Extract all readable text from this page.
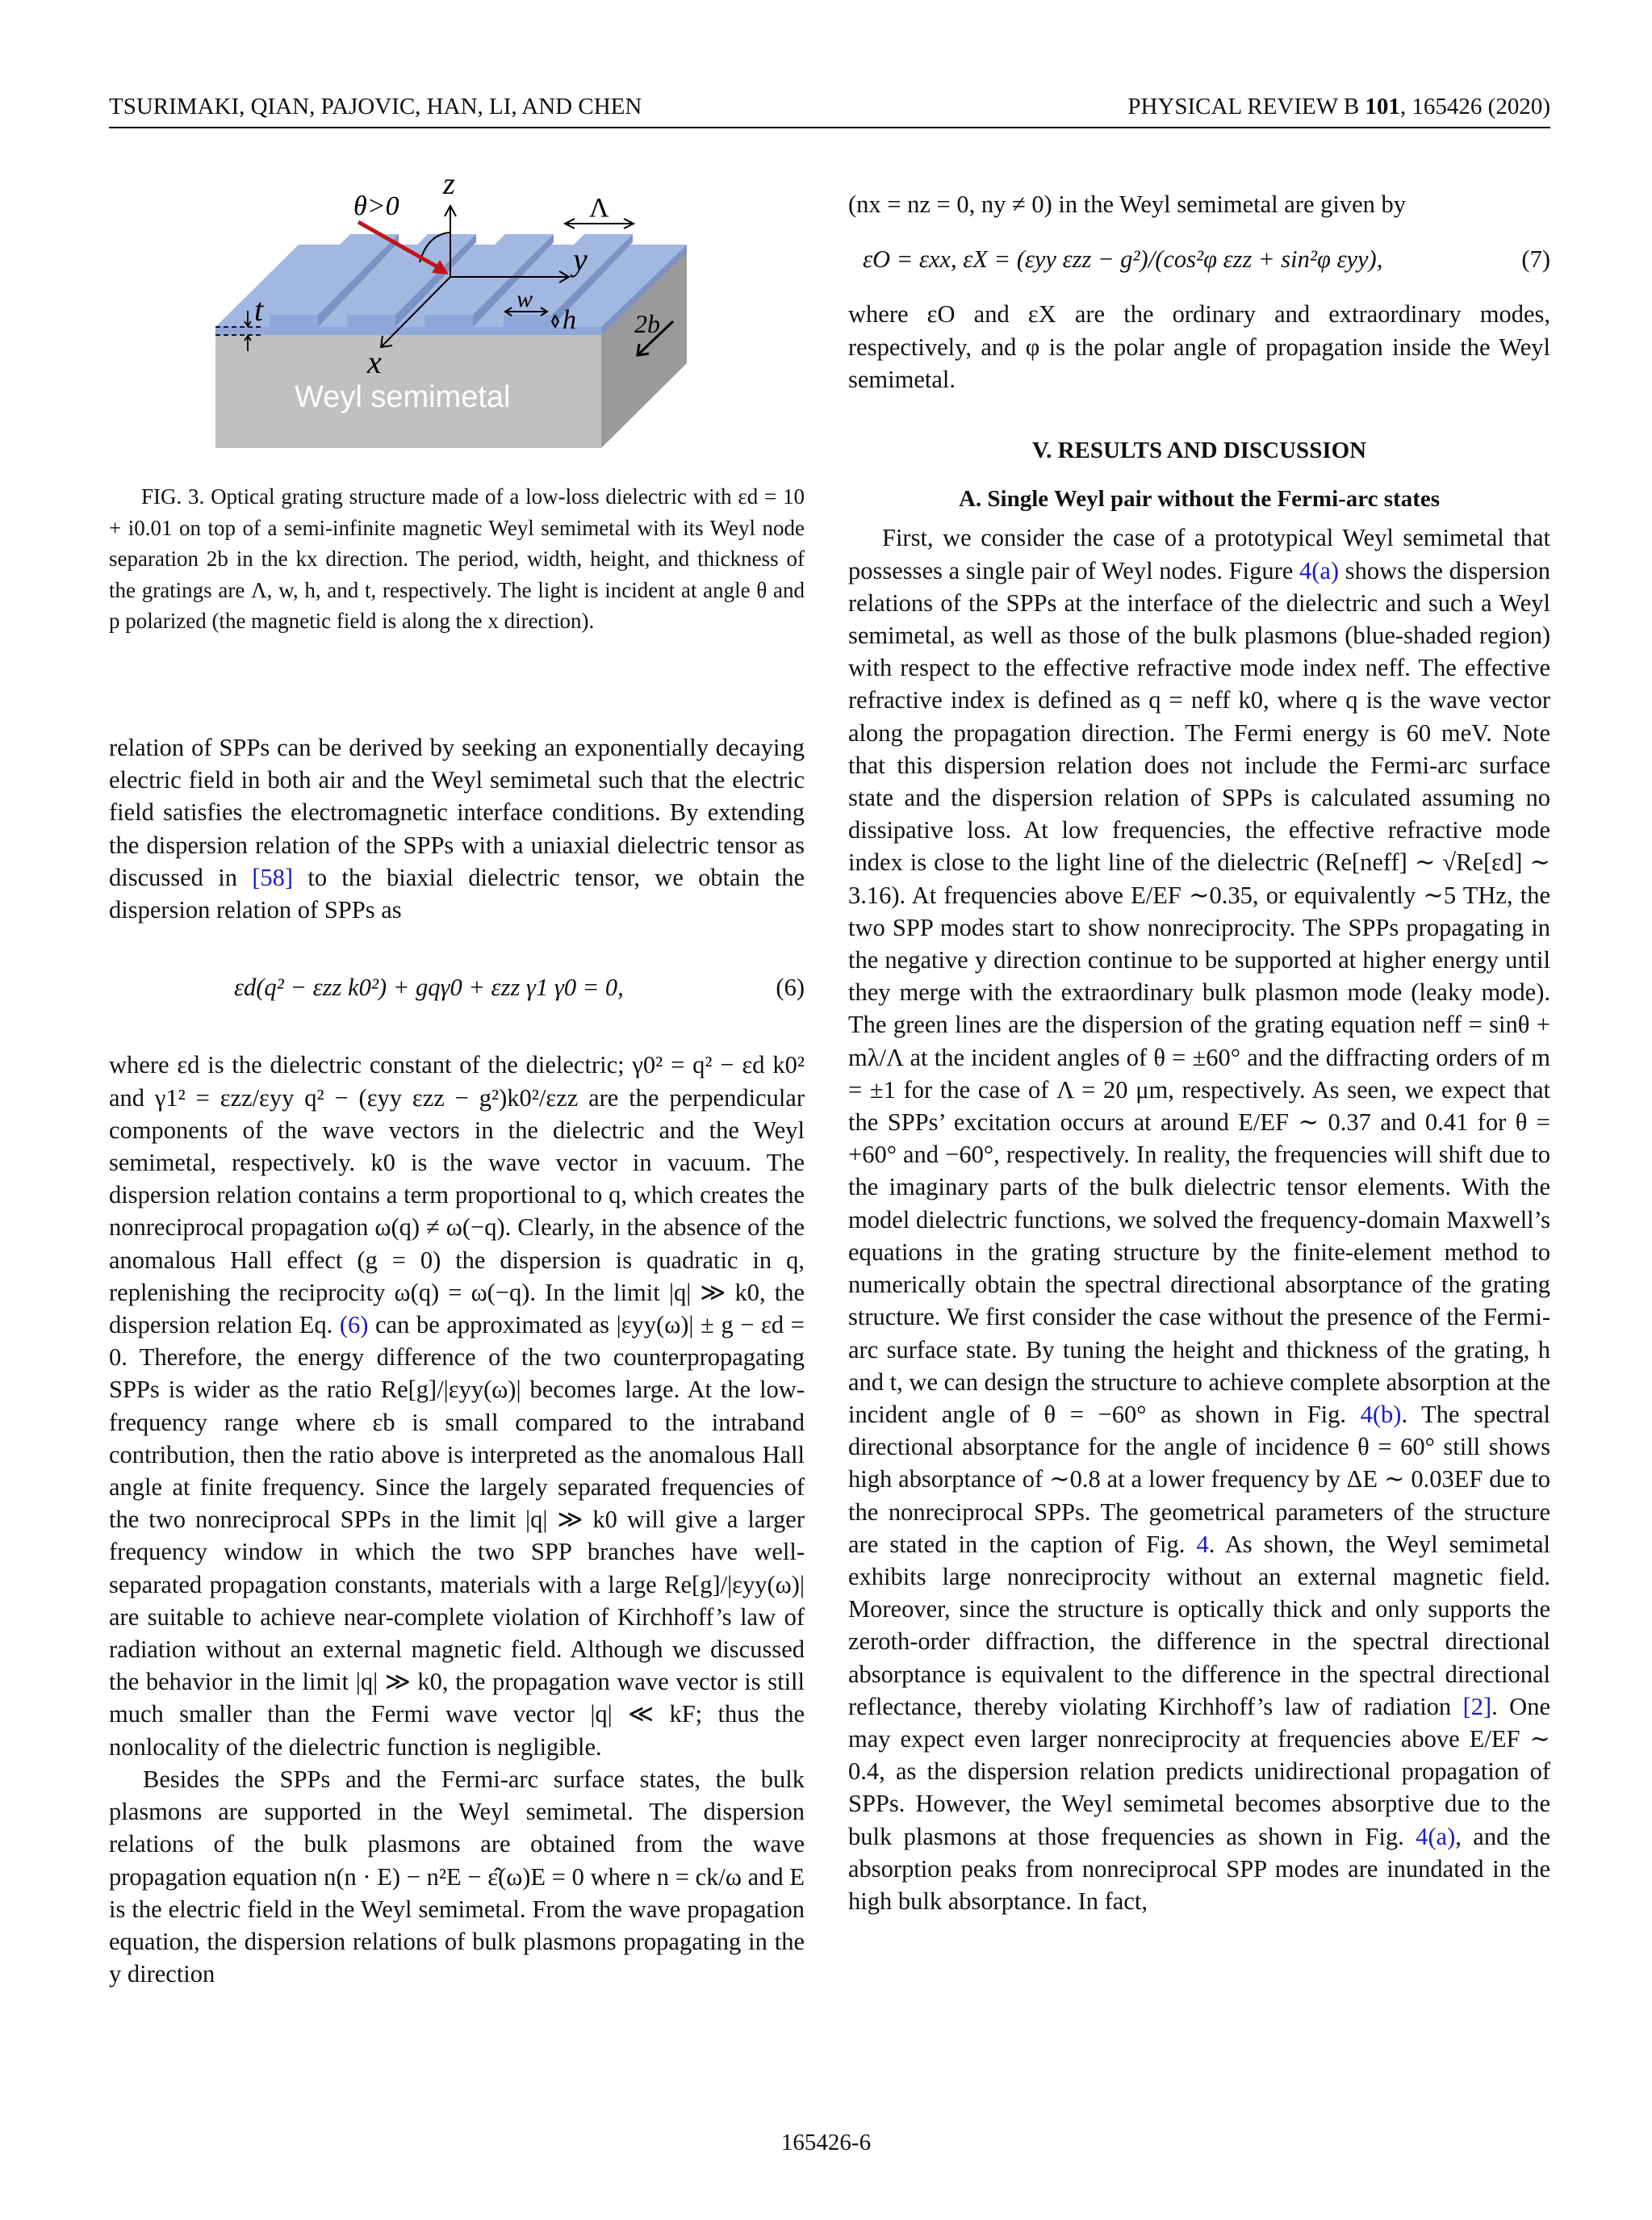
TSURIMAKI, QIAN, PAJOVIC, HAN, LI, AND CHEN	PHYSICAL REVIEW B 101, 165426 (2020)
z
y
x
θ>0	Λ
w
h
t	2b
Weyl semimetal
FIG. 3. Optical grating structure made of a low-loss dielectric with εd = 10 + i0.01 on top of a semi-infinite magnetic Weyl semimetal with its Weyl node separation 2b in the kx direction. The period, width, height, and thickness of the gratings are Λ, w, h, and t, respectively. The light is incident at angle θ and p polarized (the magnetic field is along the x direction).

relation of SPPs can be derived by seeking an exponentially decaying electric field in both air and the Weyl semimetal such that the electric field satisfies the electromagnetic interface conditions. By extending the dispersion relation of the SPPs with a uniaxial dielectric tensor as discussed in [58] to the biaxial dielectric tensor, we obtain the dispersion relation of SPPs as

εd(q² − εzz k0²) + gqγ0 + εzz γ1 γ0 = 0,	(6)

where εd is the dielectric constant of the dielectric; γ0² = q² − εd k0² and γ1² = εzz/εyy q² − (εyy εzz − g²)k0²/εzz are the perpendicular components of the wave vectors in the dielectric and the Weyl semimetal, respectively. k0 is the wave vector in vacuum. The dispersion relation contains a term proportional to q, which creates the nonreciprocal propagation ω(q) ≠ ω(−q). Clearly, in the absence of the anomalous Hall effect (g = 0) the dispersion is quadratic in q, replenishing the reciprocity ω(q) = ω(−q). In the limit |q| ≫ k0, the dispersion relation Eq. (6) can be approximated as |εyy(ω)| ± g − εd = 0. Therefore, the energy difference of the two counterpropagating SPPs is wider as the ratio Re[g]/|εyy(ω)| becomes large. At the low-frequency range where εb is small compared to the intraband contribution, then the ratio above is interpreted as the anomalous Hall angle at finite frequency. Since the largely separated frequencies of the two nonreciprocal SPPs in the limit |q| ≫ k0 will give a larger frequency window in which the two SPP branches have well-separated propagation constants, materials with a large Re[g]/|εyy(ω)| are suitable to achieve near-complete violation of Kirchhoff’s law of radiation without an external magnetic field. Although we discussed the behavior in the limit |q| ≫ k0, the propagation wave vector is still much smaller than the Fermi wave vector |q| ≪ kF; thus the nonlocality of the dielectric function is negligible.

Besides the SPPs and the Fermi-arc surface states, the bulk plasmons are supported in the Weyl semimetal. The dispersion relations of the bulk plasmons are obtained from the wave propagation equation n(n · E) − n²E − ε̂(ω)E = 0 where n = ck/ω and E is the electric field in the Weyl semimetal. From the wave propagation equation, the dispersion relations of bulk plasmons propagating in the y direction

(nx = nz = 0, ny ≠ 0) in the Weyl semimetal are given by

εO = εxx, εX = (εyy εzz − g²)/(cos²φ εzz + sin²φ εyy),	(7)

where εO and εX are the ordinary and extraordinary modes, respectively, and φ is the polar angle of propagation inside the Weyl semimetal.

V. RESULTS AND DISCUSSION
A. Single Weyl pair without the Fermi-arc states

First, we consider the case of a prototypical Weyl semimetal that possesses a single pair of Weyl nodes. Figure 4(a) shows the dispersion relations of the SPPs at the interface of the dielectric and such a Weyl semimetal, as well as those of the bulk plasmons (blue-shaded region) with respect to the effective refractive mode index neff. The effective refractive index is defined as q = neff k0, where q is the wave vector along the propagation direction. The Fermi energy is 60 meV. Note that this dispersion relation does not include the Fermi-arc surface state and the dispersion relation of SPPs is calculated assuming no dissipative loss. At low frequencies, the effective refractive mode index is close to the light line of the dielectric (Re[neff] ∼ √Re[εd] ∼ 3.16). At frequencies above E/EF ∼0.35, or equivalently ∼5 THz, the two SPP modes start to show nonreciprocity. The SPPs propagating in the negative y direction continue to be supported at higher energy until they merge with the extraordinary bulk plasmon mode (leaky mode). The green lines are the dispersion of the grating equation neff = sinθ + mλ/Λ at the incident angles of θ = ±60° and the diffracting orders of m = ±1 for the case of Λ = 20 μm, respectively. As seen, we expect that the SPPs’ excitation occurs at around E/EF ∼ 0.37 and 0.41 for θ = +60° and −60°, respectively. In reality, the frequencies will shift due to the imaginary parts of the bulk dielectric tensor elements. With the model dielectric functions, we solved the frequency-domain Maxwell’s equations in the grating structure by the finite-element method to numerically obtain the spectral directional absorptance of the grating structure. We first consider the case without the presence of the Fermi-arc surface state. By tuning the height and thickness of the grating, h and t, we can design the structure to achieve complete absorption at the incident angle of θ = −60° as shown in Fig. 4(b). The spectral directional absorptance for the angle of incidence θ = 60° still shows high absorptance of ∼0.8 at a lower frequency by ΔE ∼ 0.03EF due to the nonreciprocal SPPs. The geometrical parameters of the structure are stated in the caption of Fig. 4. As shown, the Weyl semimetal exhibits large nonreciprocity without an external magnetic field. Moreover, since the structure is optically thick and only supports the zeroth-order diffraction, the difference in the spectral directional absorptance is equivalent to the difference in the spectral directional reflectance, thereby violating Kirchhoff’s law of radiation [2]. One may expect even larger nonreciprocity at frequencies above E/EF ∼ 0.4, as the dispersion relation predicts unidirectional propagation of SPPs. However, the Weyl semimetal becomes absorptive due to the bulk plasmons at those frequencies as shown in Fig. 4(a), and the absorption peaks from nonreciprocal SPP modes are inundated in the high bulk absorptance. In fact,

165426-6
